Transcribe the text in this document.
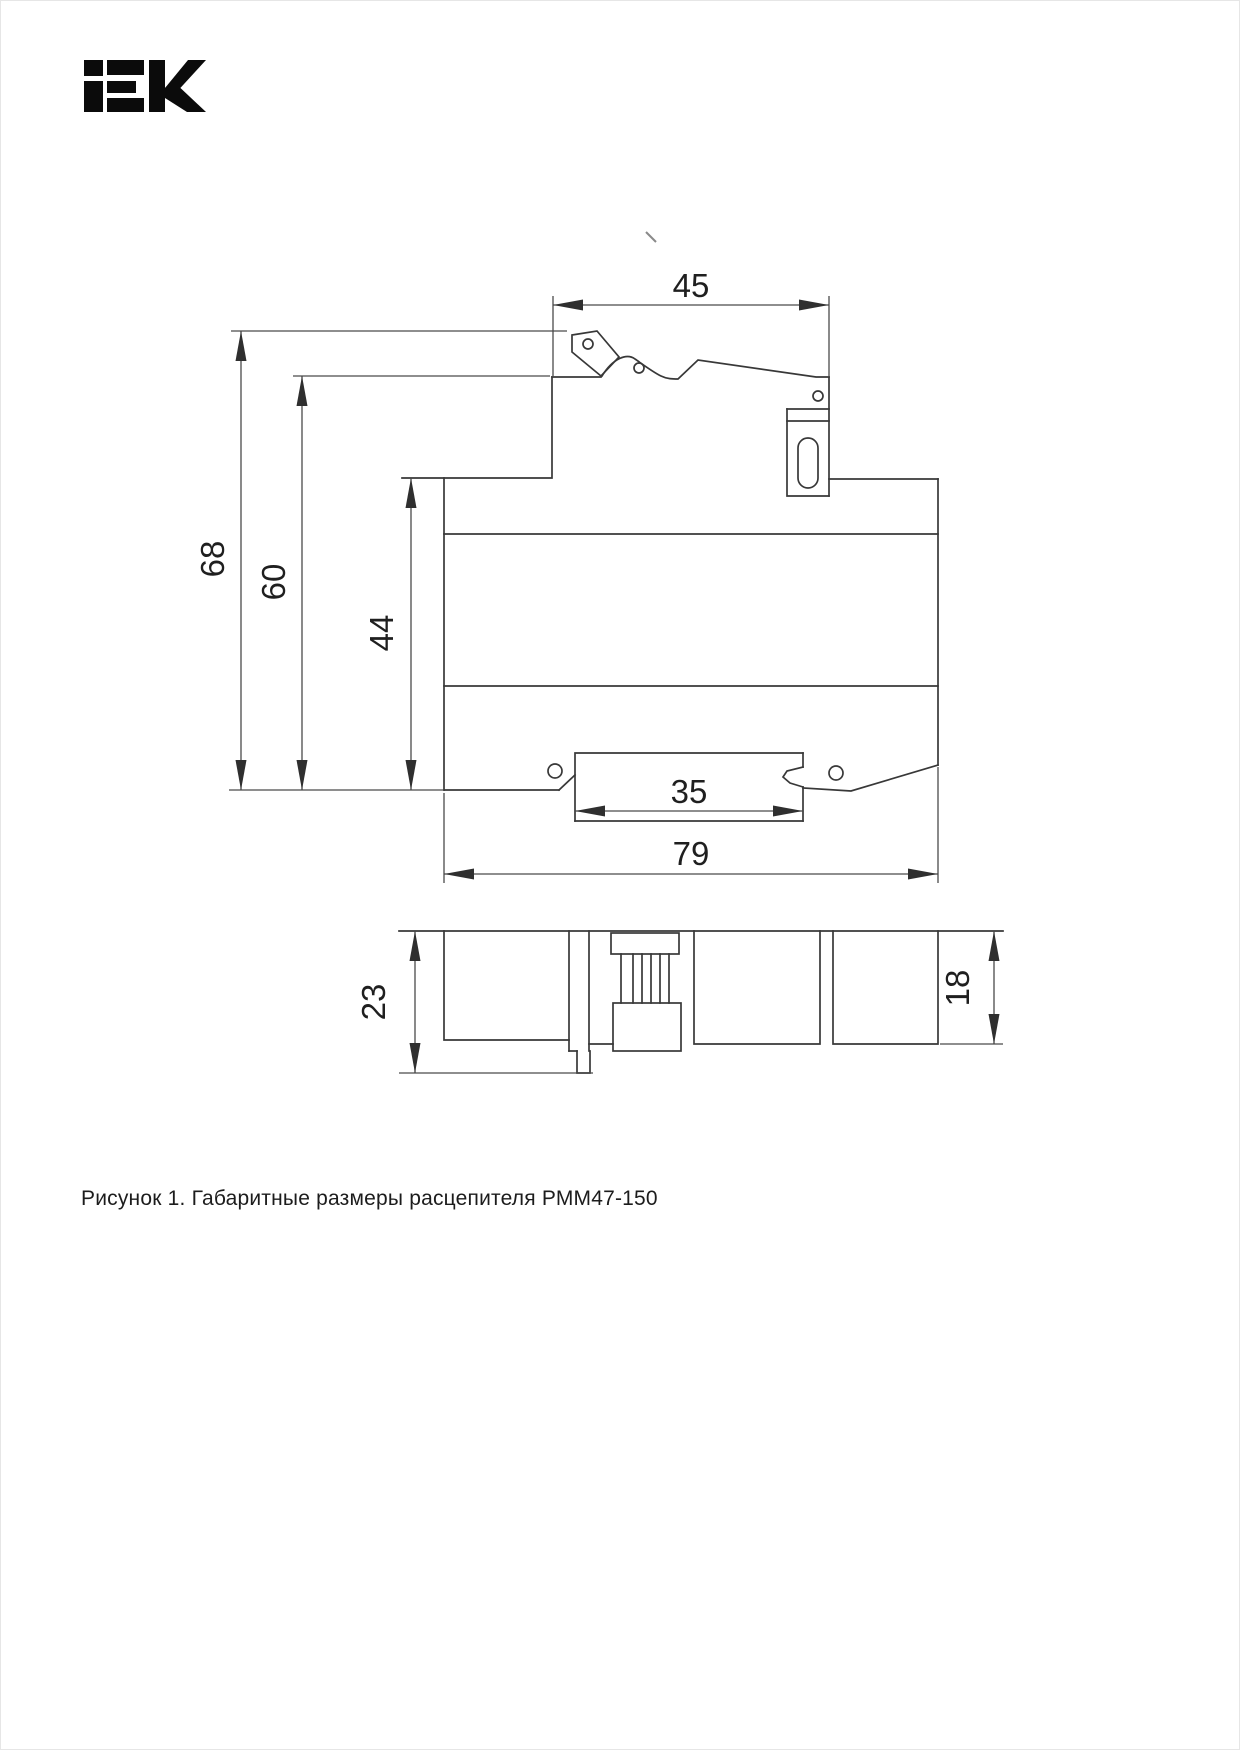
45
68
60
44
35
79
23	18
Рисунок 1. Габаритные размеры расцепителя РММ47-150
